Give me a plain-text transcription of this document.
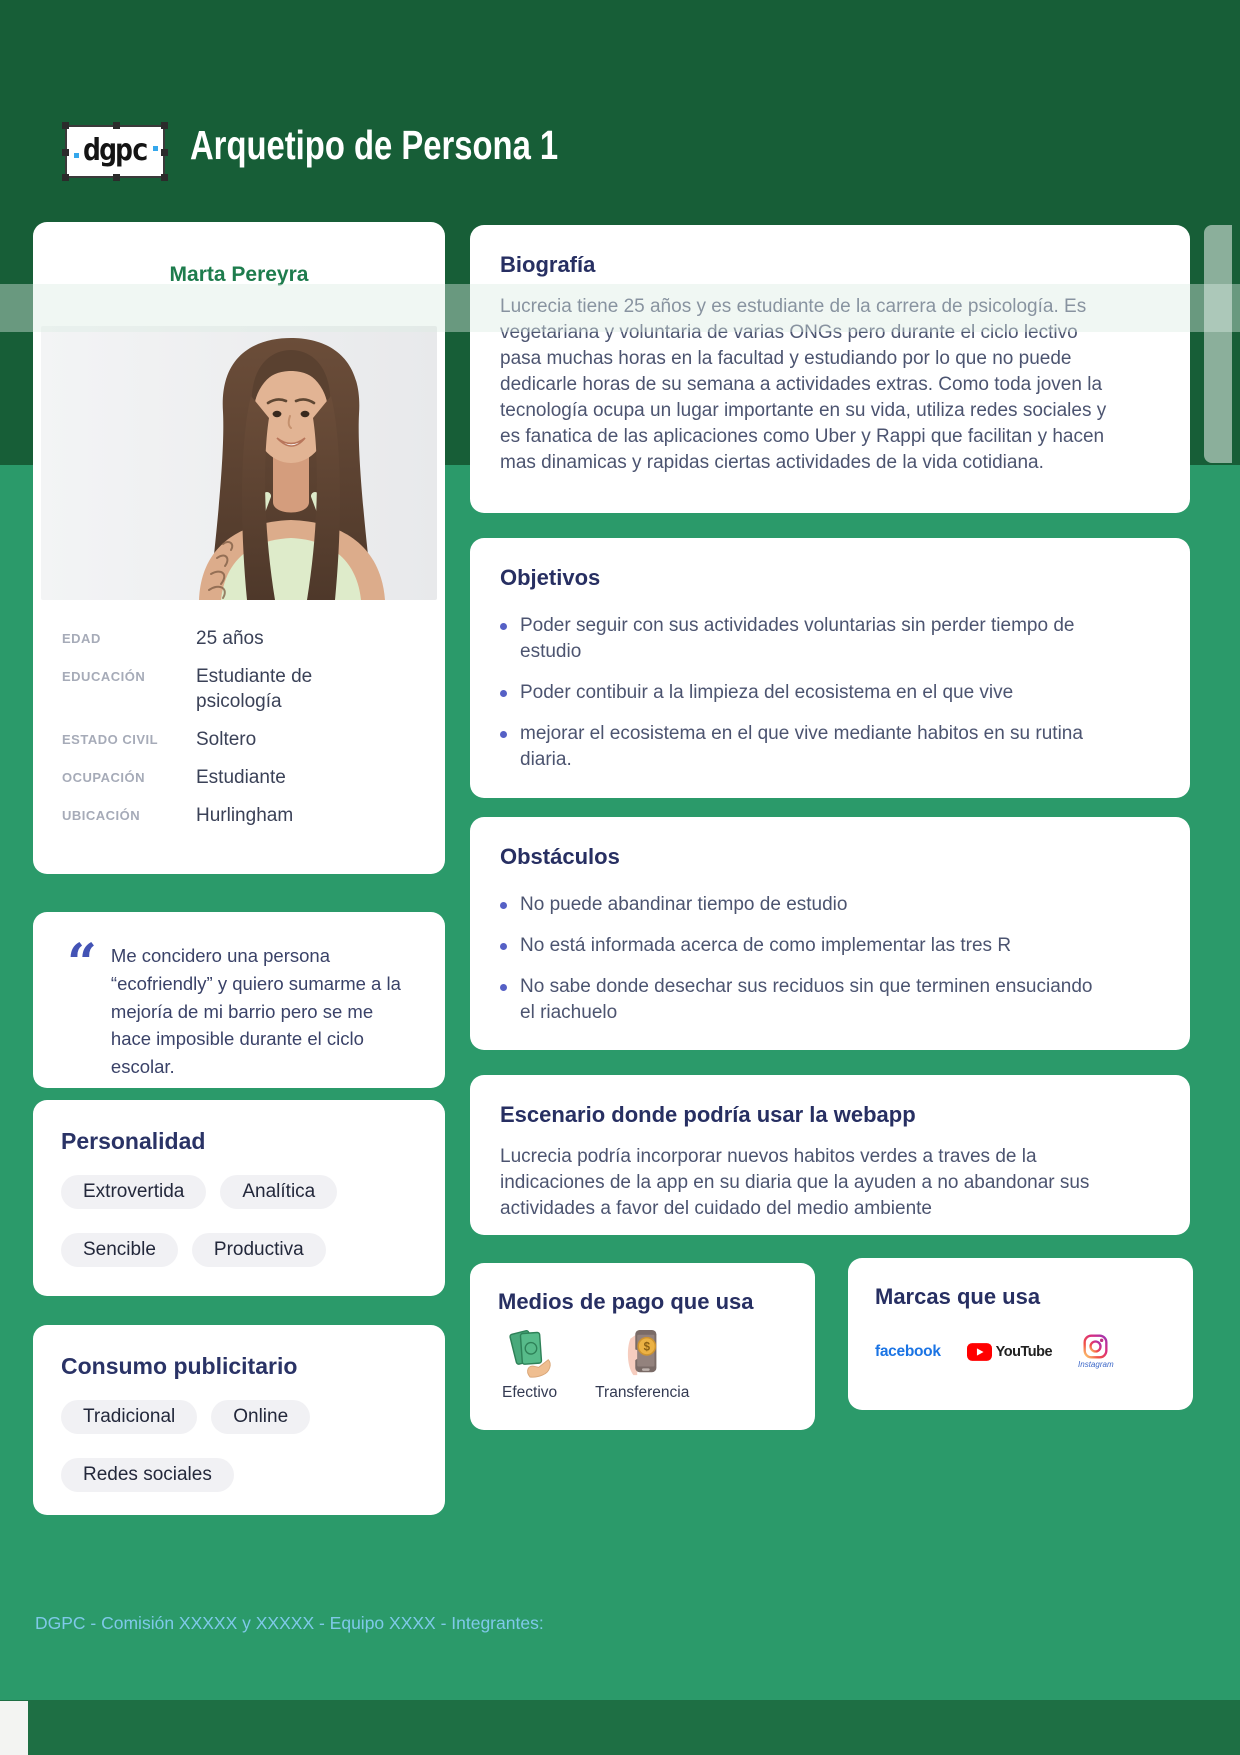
dgpc Arquetipo de Persona 1
Marta Pereyra
EDAD	25 años
EDUCACIÓN	Estudiante de psicología
ESTADO CIVIL	Soltero
OCUPACIÓN	Estudiante
UBICACIÓN	Hurlingham
“ Me concidero una persona “ecofriendly” y quiero sumarme a la mejoría de mi barrio pero se me hace imposible durante el ciclo escolar.

Personalidad
Extrovertida	Analítica
Sencible	Productiva
Consumo publicitario
Tradicional	Online
Redes sociales
Biografía

Lucrecia tiene 25 años y es estudiante de la carrera de psicología. Es vegetariana y voluntaria de varias ONGs pero durante el ciclo lectivo pasa muchas horas en la facultad y estudiando por lo que no puede dedicarle horas de su semana a actividades extras. Como toda joven la tecnología ocupa un lugar importante en su vida, utiliza redes sociales y es fanatica de las aplicaciones como Uber y Rappi que facilitan y hacen mas dinamicas y rapidas ciertas actividades de la vida cotidiana.

Objetivos
Poder seguir con sus actividades voluntarias sin perder tiempo de estudio
Poder contibuir a la limpieza del ecosistema en el que vive
mejorar el ecosistema en el que vive mediante habitos en su rutina diaria.
Obstáculos
No puede abandinar tiempo de estudio
No está informada acerca de como implementar las tres R
No sabe donde desechar sus reciduos sin que terminen ensuciando el riachuelo
Escenario donde podría usar la webapp

Lucrecia podría incorporar nuevos habitos verdes a traves de la indicaciones de la app en su diaria que la ayuden a no abandonar sus actividades a favor del cuidado del medio ambiente

Medios de pago que usa
Efectivo
$
Transferencia
Marcas que usa
facebook	YouTube
Instagram
DGPC - Comisión XXXXX y XXXXX - Equipo XXXX - Integrantes:
